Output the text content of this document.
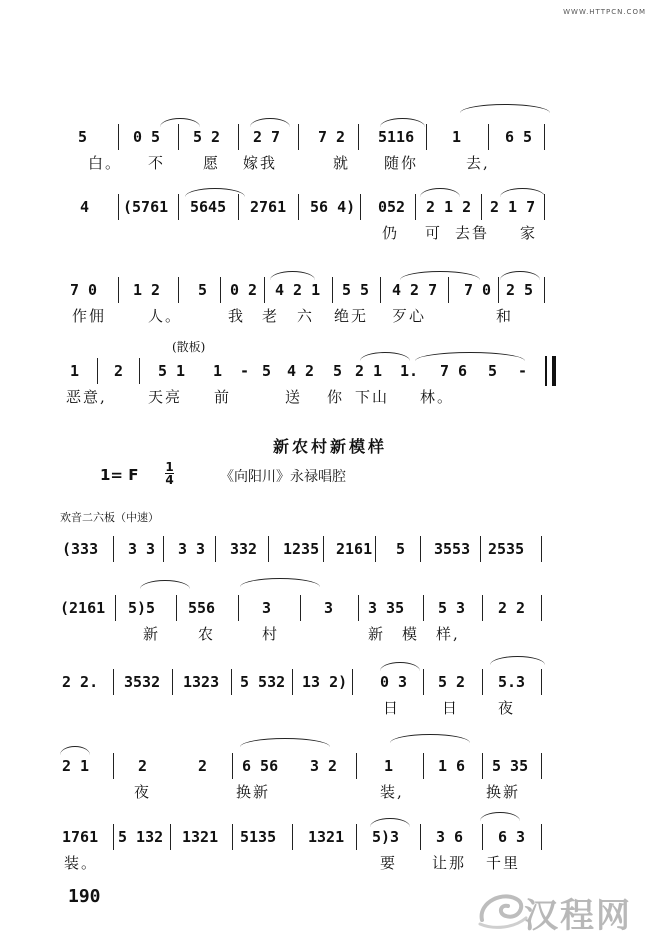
WWW.HTTPCN.COM
5	0 5 5 2 2 7	7 2 5116	1	6 5
白。 不	愿 嫁我	就 随你	去,
4 (5761 5645 2761 56 4) 052 2 1 2 2 1 7
仍 可 去鲁 家
7 0 1 2	5 0 2 4 2 1 5 5 4 2 7 7 0 2 5
作佣	人。	我 老 六 绝无 歹心	和
1 2 5 1 1 - 5 4 2 5 2 1 1. 7 6 5 -
恶意,	天亮 前	送 你 下山 林。
(散板)
新农村新模样
1= F 1
4	《向阳川》永禄唱腔
欢音二六板（中速）
(333 3 3 3 3 332 1235 2161 5 3553 2535
(2161 5)5 556	3	3 3 35 5 3 2 2
新	农	村	新 模 样,
2 2. 3532 1323 5 532 13 2) 0 3 5 2 5.3
日	日	夜
2 1	2	2 6 56 3 2	1	1 6 5 35
夜	换新	装,	换新
1761 5 132 1321 5135 1321 5)3 3 6 6 3
装。	要 让那 千里
190	汉程网
